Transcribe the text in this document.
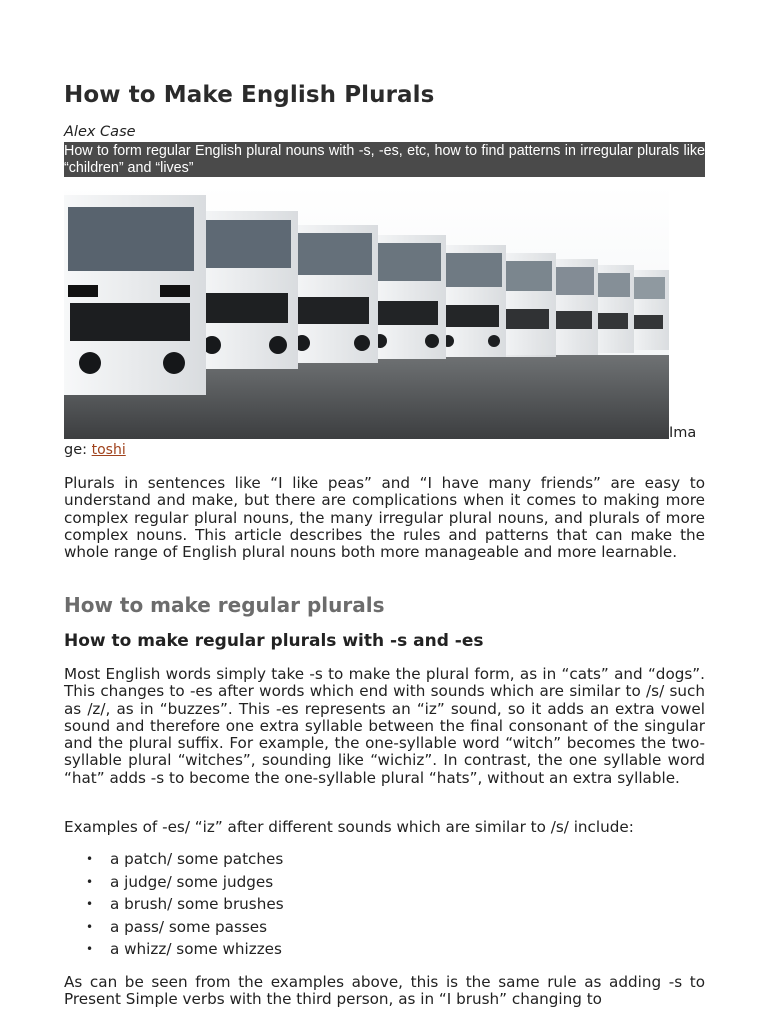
How to Make English Plurals

Alex Case

How to form regular English plural nouns with -s, -es, etc, how to find patterns in irregular plurals like “children” and “lives”

Ima
ge: toshi

Plurals in sentences like “I like peas” and “I have many friends” are easy to understand and make, but there are complications when it comes to making more complex regular plural nouns, the many irregular plural nouns, and plurals of more complex nouns. This article describes the rules and patterns that can make the whole range of English plural nouns both more manageable and more learnable.

How to make regular plurals
How to make regular plurals with -s and -es

Most English words simply take -s to make the plural form, as in “cats” and “dogs”. This changes to -es after words which end with sounds which are similar to /s/ such as /z/, as in “buzzes”. This -es represents an “iz” sound, so it adds an extra vowel sound and therefore one extra syllable between the final consonant of the singular and the plural suffix. For example, the one-syllable word “witch” becomes the two-syllable plural “witches”, sounding like “wichiz”. In contrast, the one syllable word “hat” adds -s to become the one-syllable plural “hats”, without an extra syllable.

Examples of -es/ “iz” after different sounds which are similar to /s/ include:

• a patch/ some patches
• a judge/ some judges
• a brush/ some brushes
• a pass/ some passes
• a whizz/ some whizzes

As can be seen from the examples above, this is the same rule as adding -s to Present Simple verbs with the third person, as in “I brush” changing to
